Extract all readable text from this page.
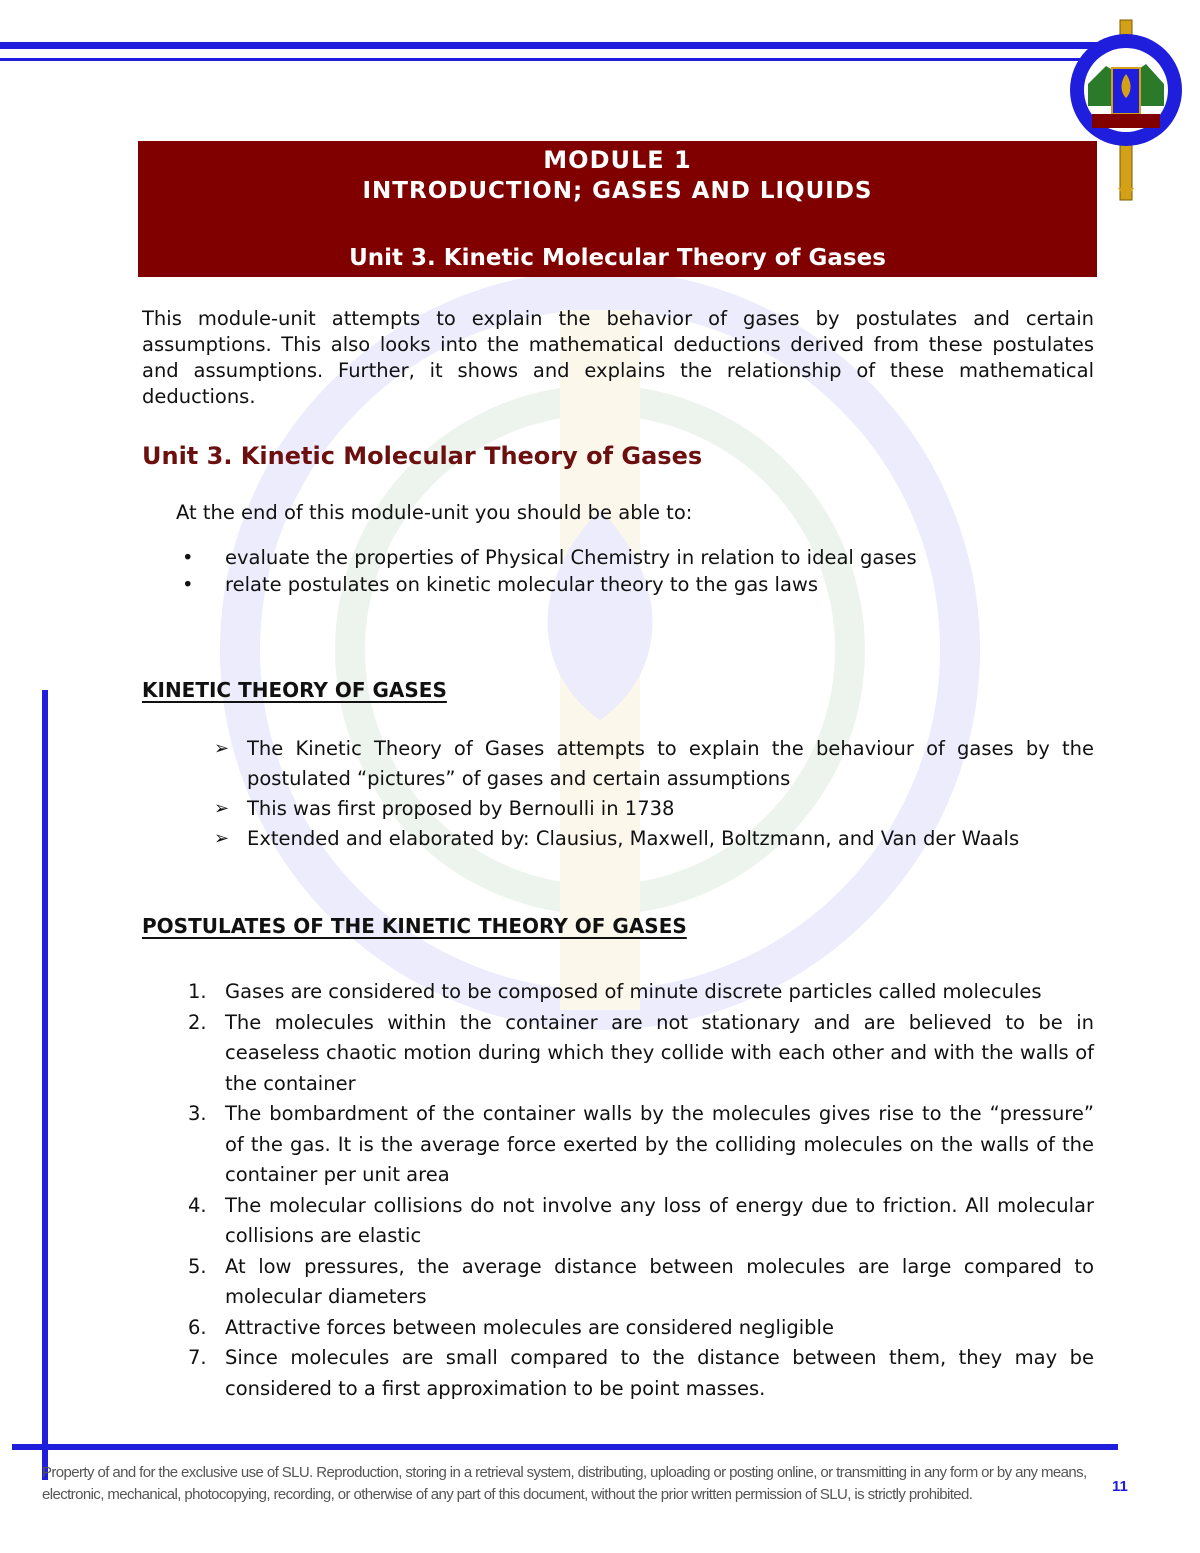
MODULE 1
INTRODUCTION; GASES AND LIQUIDS
Unit 3. Kinetic Molecular Theory of Gases

This module-unit attempts to explain the behavior of gases by postulates and certain assumptions. This also looks into the mathematical deductions derived from these postulates and assumptions. Further, it shows and explains the relationship of these mathematical deductions.

Unit 3. Kinetic Molecular Theory of Gases
At the end of this module-unit you should be able to:
• evaluate the properties of Physical Chemistry in relation to ideal gases
• relate postulates on kinetic molecular theory to the gas laws
KINETIC THEORY OF GASES
➢ The Kinetic Theory of Gases attempts to explain the behaviour of gases by the postulated “pictures” of gases and certain assumptions
➢ This was first proposed by Bernoulli in 1738
➢ Extended and elaborated by: Clausius, Maxwell, Boltzmann, and Van der Waals
POSTULATES OF THE KINETIC THEORY OF GASES
1. Gases are considered to be composed of minute discrete particles called molecules
2. The molecules within the container are not stationary and are believed to be in ceaseless chaotic motion during which they collide with each other and with the walls of the container
3. The bombardment of the container walls by the molecules gives rise to the “pressure” of the gas. It is the average force exerted by the colliding molecules on the walls of the container per unit area
4. The molecular collisions do not involve any loss of energy due to friction. All molecular collisions are elastic
5. At low pressures, the average distance between molecules are large compared to molecular diameters
6. Attractive forces between molecules are considered negligible
7. Since molecules are small compared to the distance between them, they may be considered to a first approximation to be point masses.
Property of and for the exclusive use of SLU. Reproduction, storing in a retrieval system, distributing, uploading or posting online, or transmitting in any form or by any means, electronic, mechanical, photocopying, recording, or otherwise of any part of this document, without the prior written permission of SLU, is strictly prohibited.	11
